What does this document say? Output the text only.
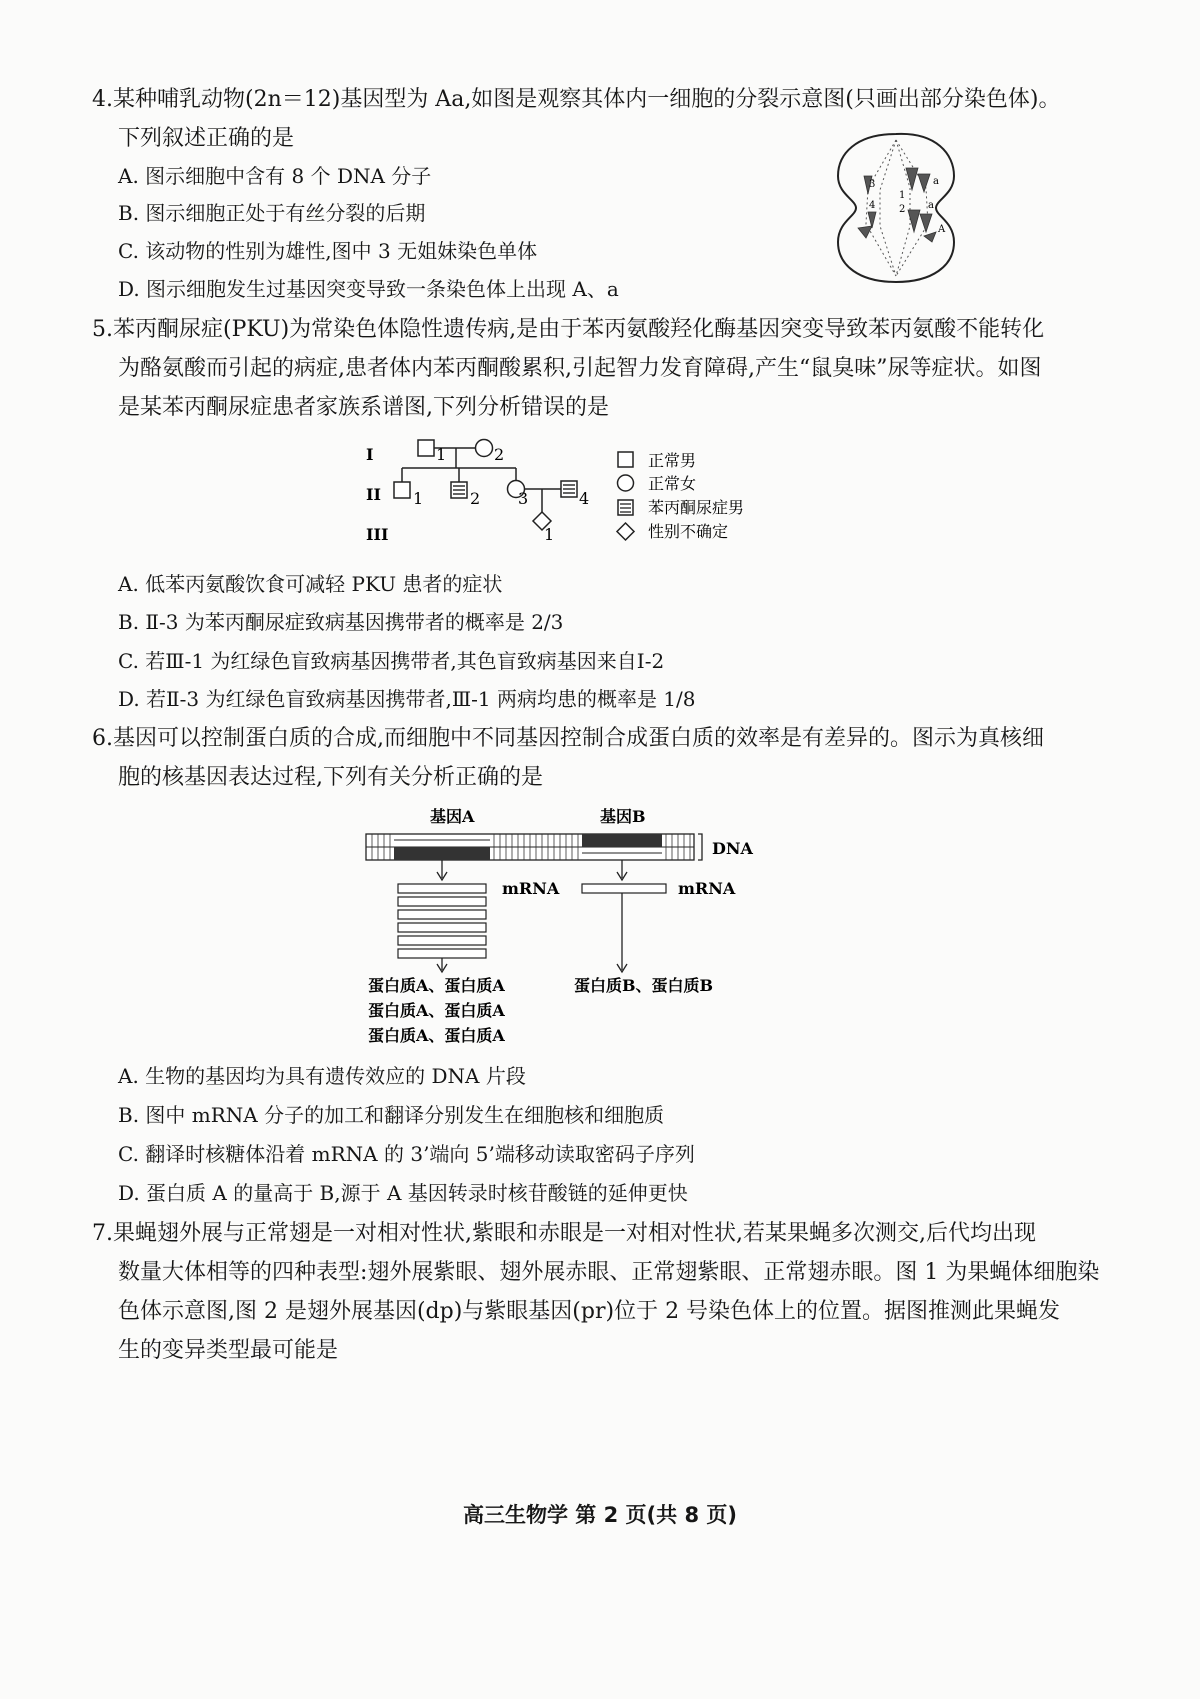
4.某种哺乳动物(2n＝12)基因型为 Aa,如图是观察其体内一细胞的分裂示意图(只画出部分染色体)。
下列叙述正确的是
A. 图示细胞中含有 8 个 DNA 分子
B. 图示细胞正处于有丝分裂的后期
C. 该动物的性别为雄性,图中 3 无姐妹染色单体
D. 图示细胞发生过基因突变导致一条染色体上出现 A、a
3
4
1
2
a
a
A
5.苯丙酮尿症(PKU)为常染色体隐性遗传病,是由于苯丙氨酸羟化酶基因突变导致苯丙氨酸不能转化
为酪氨酸而引起的病症,患者体内苯丙酮酸累积,引起智力发育障碍,产生“鼠臭味”尿等症状。如图
是某苯丙酮尿症患者家族系谱图,下列分析错误的是
I
II
III
1	2
1	2 3	4
1
正常男
正常女
苯丙酮尿症男
性别不确定
A. 低苯丙氨酸饮食可减轻 PKU 患者的症状
B. Ⅱ-3 为苯丙酮尿症致病基因携带者的概率是 2/3
C. 若Ⅲ-1 为红绿色盲致病基因携带者,其色盲致病基因来自Ⅰ-2
D. 若Ⅱ-3 为红绿色盲致病基因携带者,Ⅲ-1 两病均患的概率是 1/8
6.基因可以控制蛋白质的合成,而细胞中不同基因控制合成蛋白质的效率是有差异的。图示为真核细
胞的核基因表达过程,下列有关分析正确的是
基因A	基因B
DNA
mRNA	mRNA
蛋白质A、蛋白质A
蛋白质A、蛋白质A
蛋白质A、蛋白质A
蛋白质B、蛋白质B
A. 生物的基因均为具有遗传效应的 DNA 片段
B. 图中 mRNA 分子的加工和翻译分别发生在细胞核和细胞质
C. 翻译时核糖体沿着 mRNA 的 3’端向 5’端移动读取密码子序列
D. 蛋白质 A 的量高于 B,源于 A 基因转录时核苷酸链的延伸更快
7.果蝇翅外展与正常翅是一对相对性状,紫眼和赤眼是一对相对性状,若某果蝇多次测交,后代均出现
数量大体相等的四种表型:翅外展紫眼、翅外展赤眼、正常翅紫眼、正常翅赤眼。图 1 为果蝇体细胞染
色体示意图,图 2 是翅外展基因(dp)与紫眼基因(pr)位于 2 号染色体上的位置。据图推测此果蝇发
生的变异类型最可能是
高三生物学 第 2 页(共 8 页)
